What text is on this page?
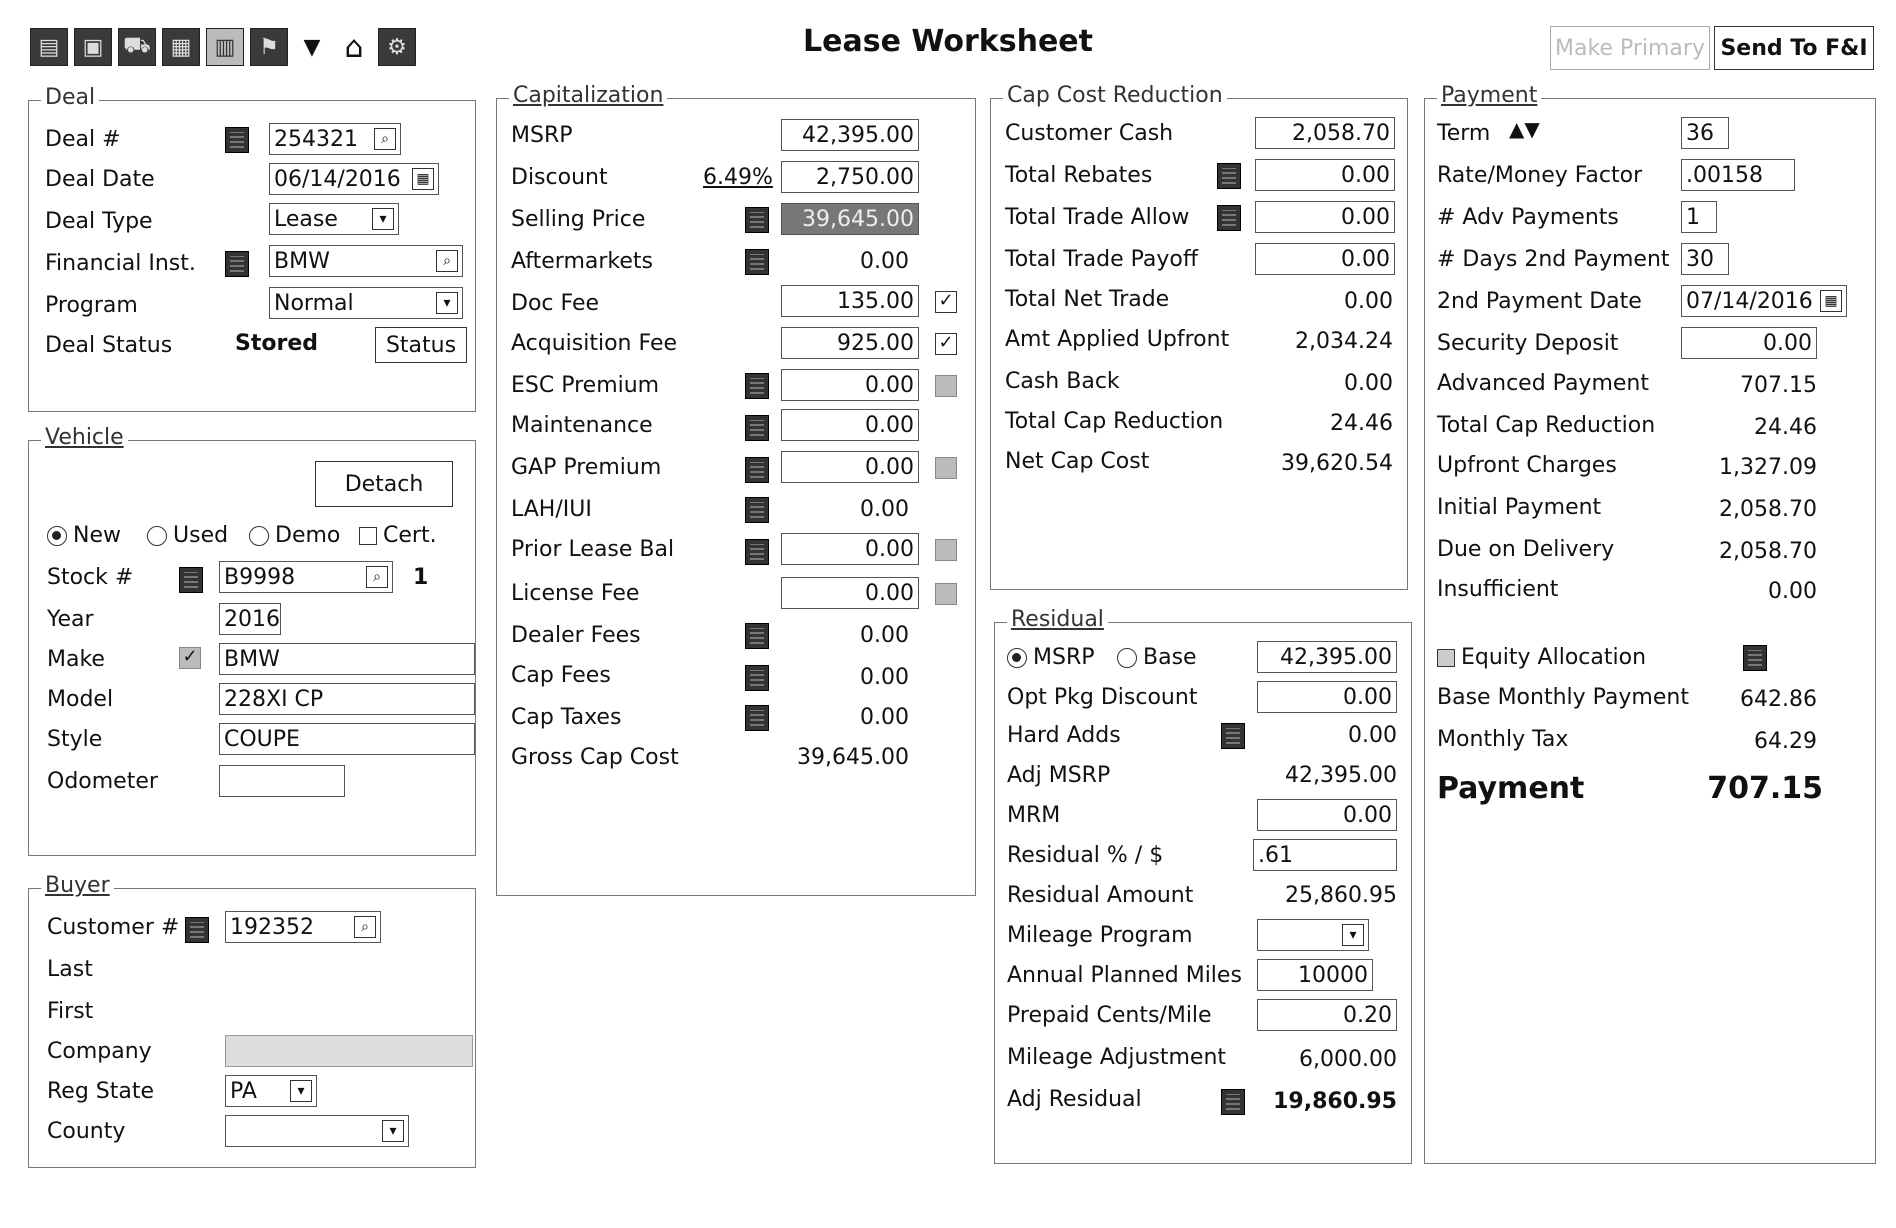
▤	▣ ⛟ ▦	▥	⚑	▼ ⌂	⚙	Lease Worksheet	Make Primary Send To F&I
Deal
Deal #	254321	⌕
Deal Date	06/14/2016	▦
Deal Type	Lease	▾
Financial Inst.	BMW	⌕
Program	Normal	▾
Deal Status	Stored	Status
Vehicle
Detach
New	Used	Demo	Cert.
Stock #	B9998	⌕	1
Year	2016
Make	✓ BMW
Model	228XI CP
Style	COUPE
Odometer
Buyer
Customer # 192352	⌕
Last
First
Company
Reg State	PA	▾
County	▾
Capitalization
MSRP	42,395.00
Discount	6.49%	2,750.00
Selling Price	39,645.00
Aftermarkets	0.00
Doc Fee	135.00 ✓
Acquisition Fee	925.00 ✓
ESC Premium	0.00
Maintenance	0.00
GAP Premium	0.00
LAH/IUI	0.00
Prior Lease Bal	0.00
License Fee	0.00
Dealer Fees	0.00
Cap Fees	0.00
Cap Taxes	0.00
Gross Cap Cost	39,645.00
Cap Cost Reduction
Customer Cash	2,058.70
Total Rebates	0.00
Total Trade Allow	0.00
Total Trade Payoff	0.00
Total Net Trade	0.00
Amt Applied Upfront	2,034.24
Cash Back	0.00
Total Cap Reduction	24.46
Net Cap Cost	39,620.54
Residual
MSRP	Base	42,395.00
Opt Pkg Discount	0.00
Hard Adds	0.00
Adj MSRP	42,395.00
MRM	0.00
Residual % / $	.61
Residual Amount	25,860.95
Mileage Program	▾
Annual Planned Miles	10000
Prepaid Cents/Mile	0.20
Mileage Adjustment	6,000.00
Adj Residual	19,860.95
Payment
Term ▲▼	36
Rate/Money Factor .00158
# Adv Payments	1
# Days 2nd Payment 30
2nd Payment Date 07/14/2016 ▦
Security Deposit	0.00
Advanced Payment	707.15
Total Cap Reduction	24.46
Upfront Charges	1,327.09
Initial Payment	2,058.70
Due on Delivery	2,058.70
Insufficient	0.00
Equity Allocation
Base Monthly Payment 642.86
Monthly Tax	64.29
Payment	707.15
